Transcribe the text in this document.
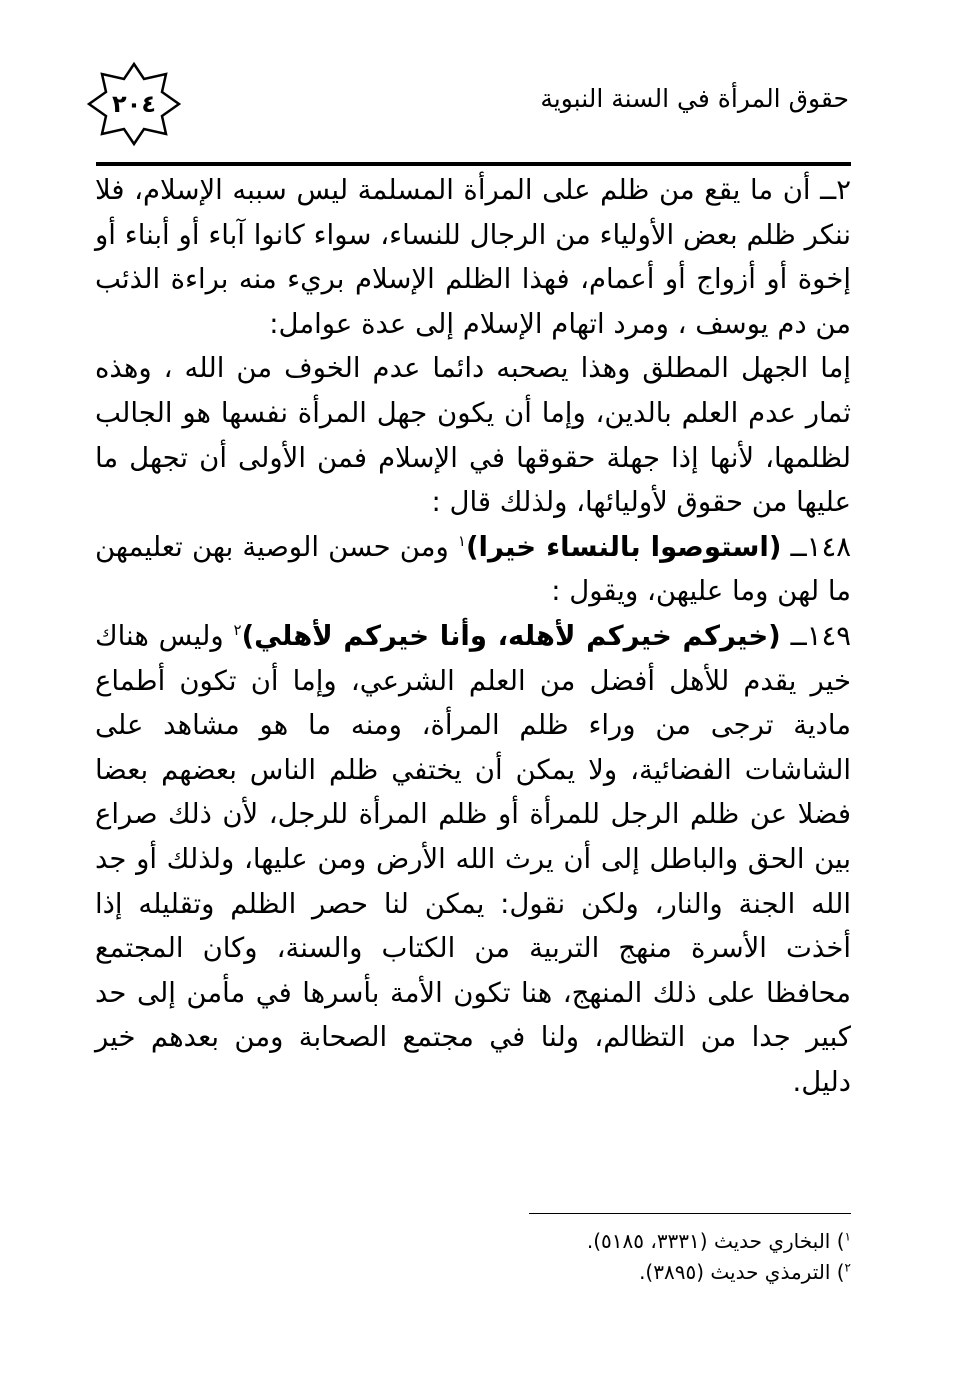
حقوق المرأة في السنة النبوية
٢٠٤

٢ــ أن ما يقع من ظلم على المرأة المسلمة ليس سببه الإسلام، فلا ننكر ظلم بعض الأولياء من الرجال للنساء، سواء كانوا آباء أو أبناء أو إخوة أو أزواج أو أعمام، فهذا الظلم الإسلام بريء منه براءة الذئب من دم يوسف ، ومرد اتهام الإسلام إلى عدة عوامل:

إما الجهل المطلق وهذا يصحبه دائما عدم الخوف من الله ، وهذه ثمار عدم العلم بالدين، وإما أن يكون جهل المرأة نفسها هو الجالب لظلمها، لأنها إذا جهلة حقوقها في الإسلام فمن الأولى أن تجهل ما عليها من حقوق لأوليائها، ولذلك قال :

١٤٨ــ (استوصوا بالنساء خيرا)$^١$ ومن حسن الوصية بهن تعليمهن ما لهن وما عليهن، ويقول :

١٤٩ــ (خيركم خيركم لأهله، وأنا خيركم لأهلي)$^٢$ وليس هناك خير يقدم للأهل أفضل من العلم الشرعي، وإما أن تكون أطماع مادية ترجى من وراء ظلم المرأة، ومنه ما هو مشاهد على الشاشات الفضائية، ولا يمكن أن يختفي ظلم الناس بعضهم بعضا فضلا عن ظلم الرجل للمرأة أو ظلم المرأة للرجل، لأن ذلك صراع بين الحق والباطل إلى أن يرث الله الأرض ومن عليها، ولذلك أو جد الله الجنة والنار، ولكن نقول: يمكن لنا حصر الظلم وتقليله إذا أخذت الأسرة منهج التربية من الكتاب والسنة، وكان المجتمع محافظا على ذلك المنهج، هنا تكون الأمة بأسرها في مأمن إلى حد كبير جدا من التظالم، ولنا في مجتمع الصحابة ومن بعدهم خير دليل.

$^١$) البخاري حديث (٣٣٣١، ٥١٨٥).

$^٢$) الترمذي حديث (٣٨٩٥).
